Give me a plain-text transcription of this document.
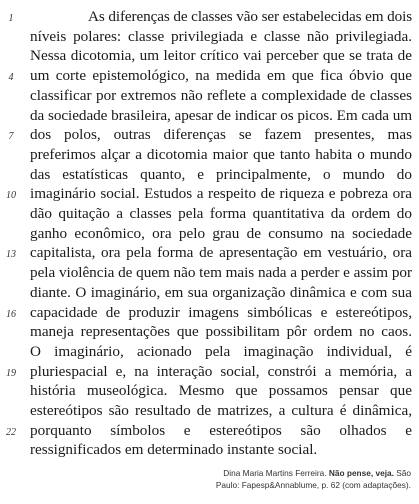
1	As diferenças de classes vão ser estabelecidas em dois
níveis polares: classe privilegiada e classe não privilegiada.
Nessa dicotomia, um leitor crítico vai perceber que se trata de
4	um corte epistemológico, na medida em que fica óbvio que
classificar por extremos não reflete a complexidade de classes
da sociedade brasileira, apesar de indicar os picos. Em cada um
7	dos polos, outras diferenças se fazem presentes, mas
preferimos alçar a dicotomia maior que tanto habita o mundo
das estatísticas quanto, e principalmente, o mundo do
10 imaginário social. Estudos a respeito de riqueza e pobreza ora
dão quitação a classes pela forma quantitativa da ordem do
ganho econômico, ora pelo grau de consumo na sociedade
13 capitalista, ora pela forma de apresentação em vestuário, ora
pela violência de quem não tem mais nada a perder e assim por
diante. O imaginário, em sua organização dinâmica e com sua
16 capacidade de produzir imagens simbólicas e estereótipos,
maneja representações que possibilitam pôr ordem no caos.
O imaginário, acionado pela imaginação individual, é
19 pluriespacial e, na interação social, constrói a memória, a
história museológica. Mesmo que possamos pensar que
estereótipos são resultado de matrizes, a cultura é dinâmica,
22 porquanto símbolos e estereótipos são olhados e
ressignificados em determinado instante social.
Dina Maria Martins Ferreira. Não pense, veja. São
Paulo: Fapesp&Annablume, p. 62 (com adaptações).
